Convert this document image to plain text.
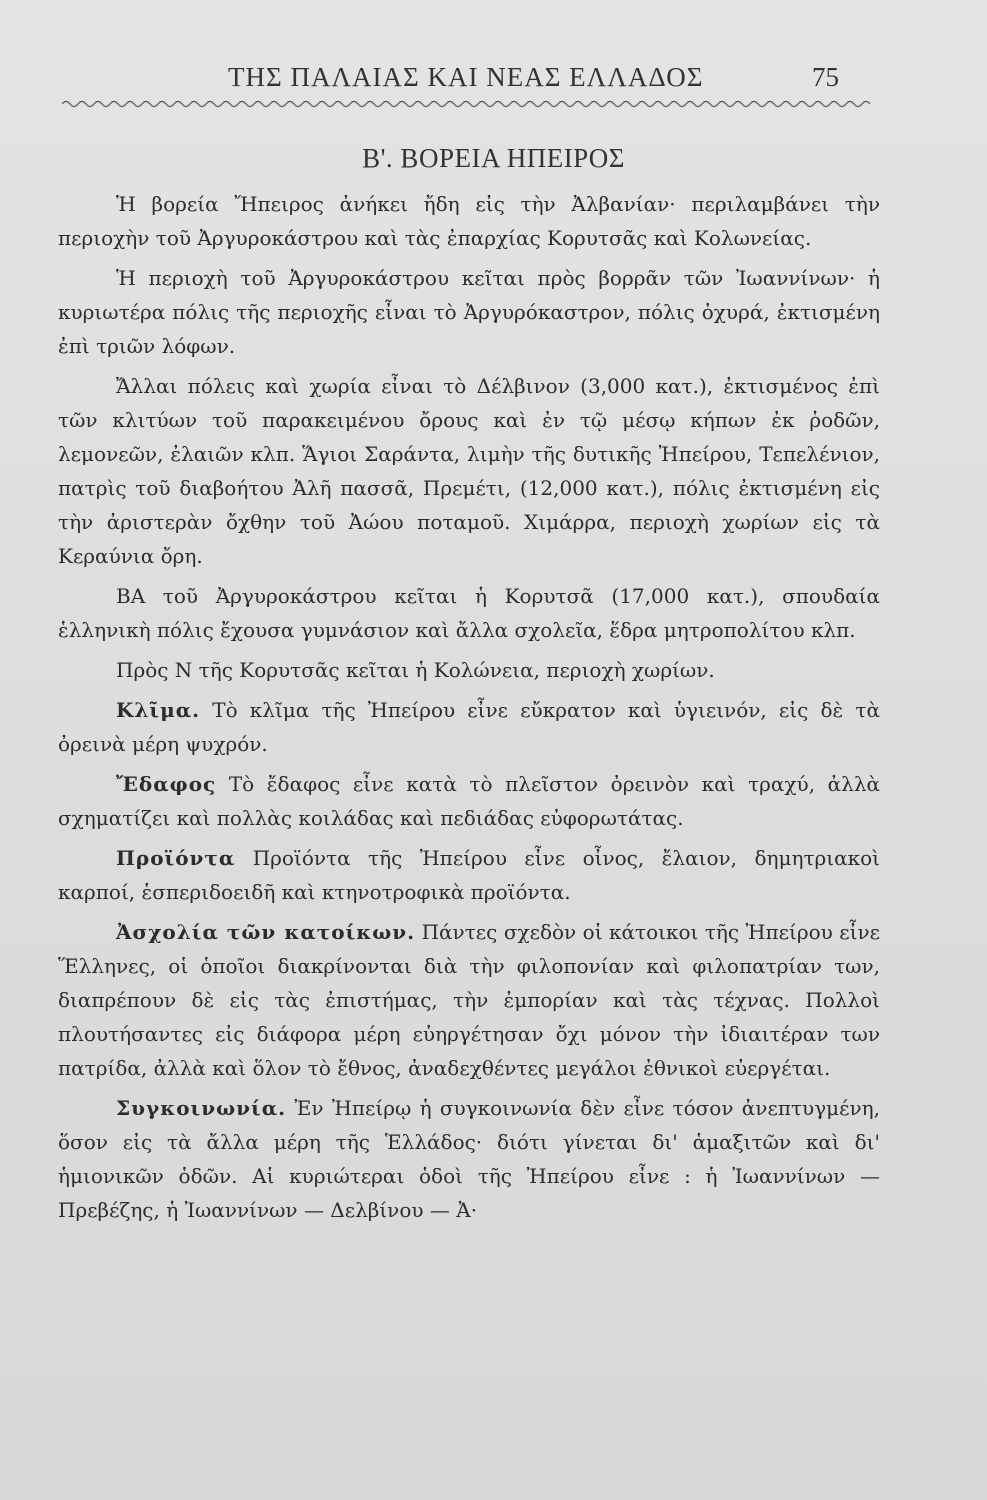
ΤΗΣ ΠΑΛΑΙΑΣ ΚΑΙ ΝΕΑΣ ΕΛΛΑΔΟΣ	75
Β'. ΒΟΡΕΙΑ ΗΠΕΙΡΟΣ

Ἡ βορεία Ἤπειρος ἀνήκει ἤδη εἰς τὴν Ἀλβανίαν· περιλαμβάνει τὴν περιοχὴν τοῦ Ἀργυροκάστρου καὶ τὰς ἐπαρχίας Κορυτσᾶς καὶ Κολωνείας.

Ἡ περιοχὴ τοῦ Ἀργυροκάστρου κεῖται πρὸς βορρᾶν τῶν Ἰωαννίνων· ἡ κυριωτέρα πόλις τῆς περιοχῆς εἶναι τὸ Ἀργυρόκαστρον, πόλις ὀχυρά, ἐκτισμένη ἐπὶ τριῶν λόφων.

Ἄλλαι πόλεις καὶ χωρία εἶναι τὸ Δέλβινον (3,000 κατ.), ἐκτισμένος ἐπὶ τῶν κλιτύων τοῦ παρακειμένου ὄρους καὶ ἐν τῷ μέσῳ κήπων ἐκ ῥοδῶν, λεμονεῶν, ἐλαιῶν κλπ. Ἅγιοι Σαράντα, λιμὴν τῆς δυτικῆς Ἠπείρου, Τεπελένιον, πατρὶς τοῦ διαβοήτου Ἀλῆ πασσᾶ, Πρεμέτι, (12,000 κατ.), πόλις ἐκτισμένη εἰς τὴν ἀριστερὰν ὄχθην τοῦ Ἀώου ποταμοῦ. Χιμάρρα, περιοχὴ χωρίων εἰς τὰ Κεραύνια ὄρη.

ΒΑ τοῦ Ἀργυροκάστρου κεῖται ἡ Κορυτσᾶ (17,000 κατ.), σπουδαία ἑλληνικὴ πόλις ἔχουσα γυμνάσιον καὶ ἄλλα σχολεῖα, ἕδρα μητροπολίτου κλπ.

Πρὸς Ν τῆς Κορυτσᾶς κεῖται ἡ Κολώνεια, περιοχὴ χωρίων.

Κλῖμα. Τὸ κλῖμα τῆς Ἠπείρου εἶνε εὔκρατον καὶ ὑγιεινόν, εἰς δὲ τὰ ὀρεινὰ μέρη ψυχρόν.

Ἔδαφος Τὸ ἔδαφος εἶνε κατὰ τὸ πλεῖστον ὀρεινὸν καὶ τραχύ, ἀλλὰ σχηματίζει καὶ πολλὰς κοιλάδας καὶ πεδιάδας εὐφορωτάτας.

Προϊόντα Προϊόντα τῆς Ἠπείρου εἶνε οἶνος, ἔλαιον, δημητριακοὶ καρποί, ἑσπεριδοειδῆ καὶ κτηνοτροφικὰ προϊόντα.

Ἀσχολία τῶν κατοίκων. Πάντες σχεδὸν οἱ κάτοικοι τῆς Ἠπείρου εἶνε Ἕλληνες, οἱ ὁποῖοι διακρίνονται διὰ τὴν φιλοπονίαν καὶ φιλοπατρίαν των, διαπρέπουν δὲ εἰς τὰς ἐπιστήμας, τὴν ἐμπορίαν καὶ τὰς τέχνας. Πολλοὶ πλουτήσαντες εἰς διάφορα μέρη εὐηργέτησαν ὄχι μόνον τὴν ἰδιαιτέραν των πατρίδα, ἀλλὰ καὶ ὅλον τὸ ἔθνος, ἀναδεχθέντες μεγάλοι ἐθνικοὶ εὐεργέται.

Συγκοινωνία. Ἐν Ἠπείρῳ ἡ συγκοινωνία δὲν εἶνε τόσον ἀνεπτυγμένη, ὅσον εἰς τὰ ἄλλα μέρη τῆς Ἑλλάδος· διότι γίνεται δι' ἁμαξιτῶν καὶ δι' ἡμιονικῶν ὁδῶν. Αἱ κυριώτεραι ὁδοὶ τῆς Ἠπείρου εἶνε : ἡ Ἰωαννίνων — Πρεβέζης, ἡ Ἰωαννίνων — Δελβίνου — Ἀ·
